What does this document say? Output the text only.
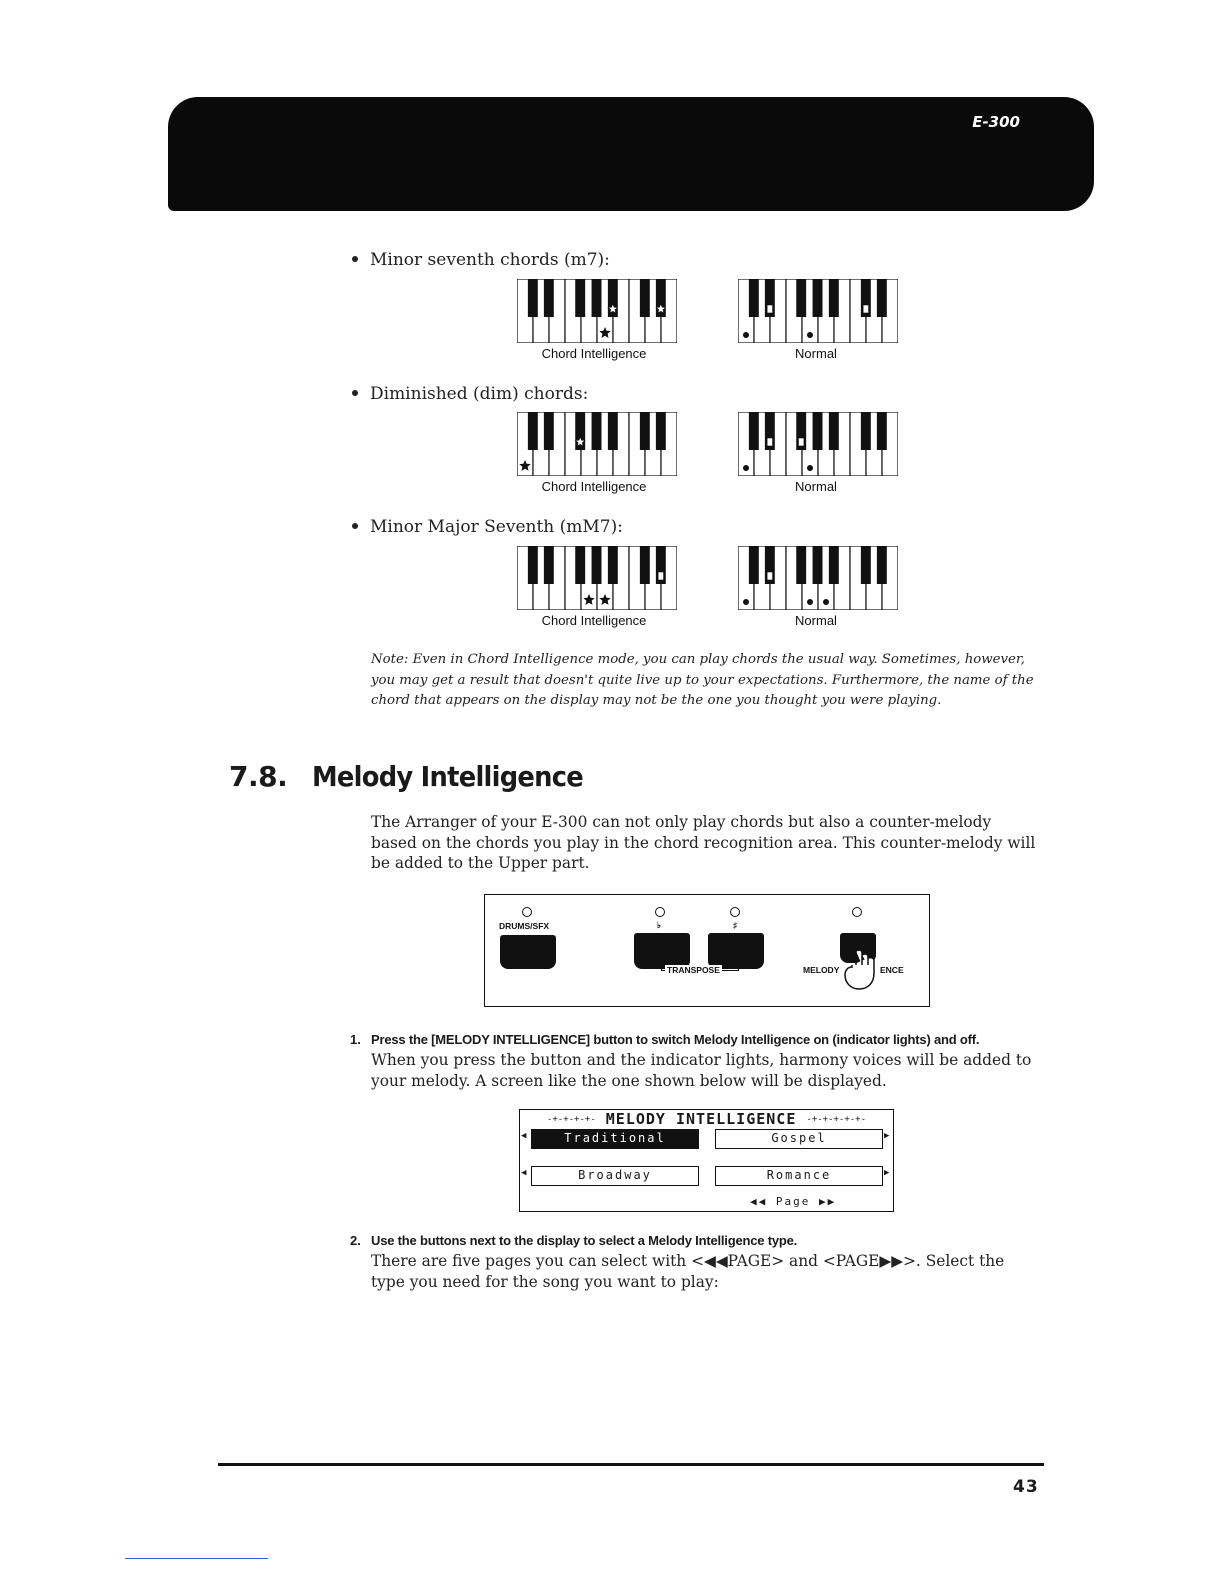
E-300
Minor seventh chords (m7):
Diminished (dim) chords:
Minor Major Seventh (mM7):
Chord Intelligence	Normal
Chord Intelligence	Normal
Chord Intelligence	Normal
Note: Even in Chord Intelligence mode, you can play chords the usual way. Sometimes, however, you may get a result that doesn't quite live up to your expectations. Furthermore, the name of the chord that appears on the display may not be the one you thought you were playing.
7.8. Melody Intelligence
The Arranger of your E-300 can not only play chords but also a counter-melody based on the chords you play in the chord recognition area. This counter-melody will be added to the Upper part.
DRUMS/SFX	♭	♯
TRANSPOSE	MELODY	ENCE
1. Press the [MELODY INTELLIGENCE] button to switch Melody Intelligence on (indicator lights) and off.
When you press the button and the indicator lights, harmony voices will be added to your melody. A screen like the one shown below will be displayed.
-+-+-+-+- MELODY INTELLIGENCE -+-+-+-+-+-
◀	Traditional	Gospel	▶
◀	Broadway	Romance	▶
◀◀ Page ▶▶
2. Use the buttons next to the display to select a Melody Intelligence type.
There are five pages you can select with <◀◀PAGE> and <PAGE▶▶>. Select the type you need for the song you want to play:
43
